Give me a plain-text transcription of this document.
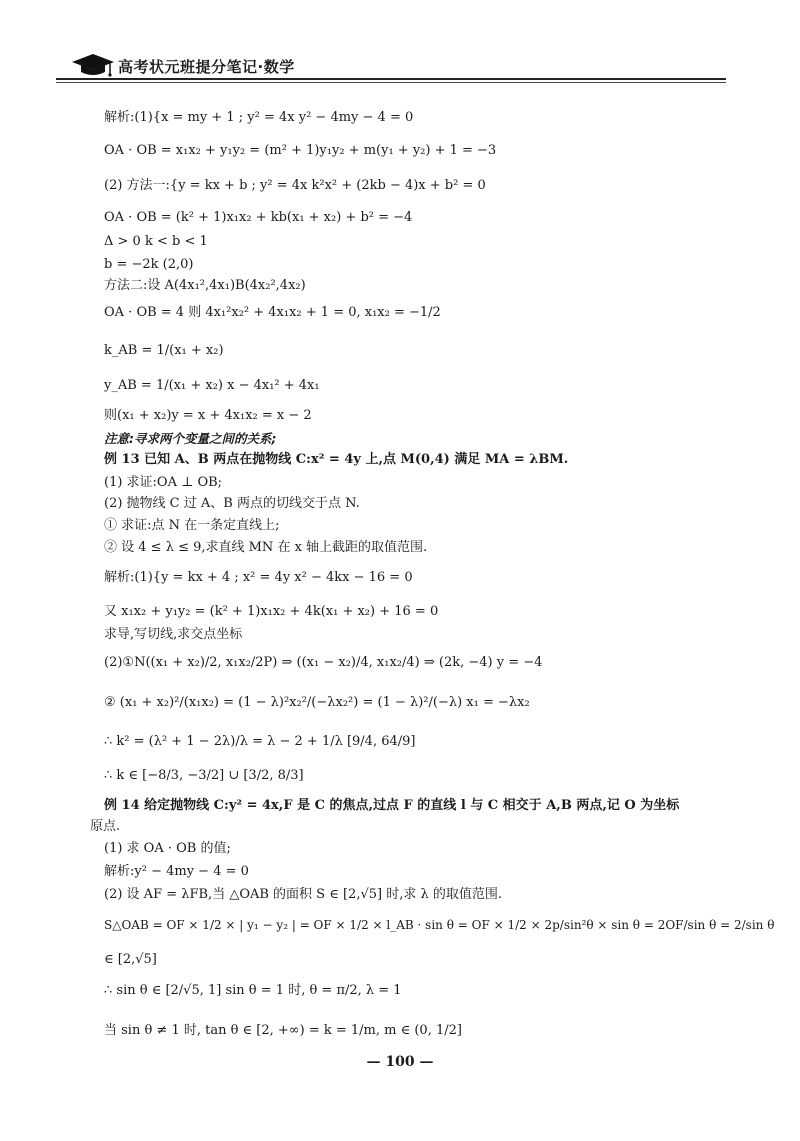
高考状元班提分笔记·数学
解析:(1){x = my + 1 ; y² = 4x y² − 4my − 4 = 0
OA · OB = x₁x₂ + y₁y₂ = (m² + 1)y₁y₂ + m(y₁ + y₂) + 1 = −3
(2) 方法一:{y = kx + b ; y² = 4x k²x² + (2kb − 4)x + b² = 0
OA · OB = (k² + 1)x₁x₂ + kb(x₁ + x₂) + b² = −4
Δ > 0 k < b < 1
b = −2k (2,0)
方法二:设 A(4x₁²,4x₁)B(4x₂²,4x₂)
OA · OB = 4 则 4x₁²x₂² + 4x₁x₂ + 1 = 0, x₁x₂ = −1/2
k_AB = 1/(x₁ + x₂)
y_AB = 1/(x₁ + x₂) x − 4x₁² + 4x₁
则(x₁ + x₂)y = x + 4x₁x₂ = x − 2
注意:寻求两个变量之间的关系;
例 13 已知 A、B 两点在抛物线 C:x² = 4y 上,点 M(0,4) 满足 MA = λBM.
(1) 求证:OA ⊥ OB;
(2) 抛物线 C 过 A、B 两点的切线交于点 N.
① 求证:点 N 在一条定直线上;
② 设 4 ≤ λ ≤ 9,求直线 MN 在 x 轴上截距的取值范围.
解析:(1){y = kx + 4 ; x² = 4y x² − 4kx − 16 = 0
又 x₁x₂ + y₁y₂ = (k² + 1)x₁x₂ + 4k(x₁ + x₂) + 16 = 0
求导,写切线,求交点坐标
(2)①N((x₁ + x₂)/2, x₁x₂/2P) ⇒ ((x₁ − x₂)/4, x₁x₂/4) ⇒ (2k, −4) y = −4
② (x₁ + x₂)²/(x₁x₂) = (1 − λ)²x₂²/(−λx₂²) = (1 − λ)²/(−λ) x₁ = −λx₂
∴ k² = (λ² + 1 − 2λ)/λ = λ − 2 + 1/λ [9/4, 64/9]
∴ k ∈ [−8/3, −3/2] ∪ [3/2, 8/3]
例 14 给定抛物线 C:y² = 4x,F 是 C 的焦点,过点 F 的直线 l 与 C 相交于 A,B 两点,记 O 为坐标
原点.
(1) 求 OA · OB 的值;
解析:y² − 4my − 4 = 0
(2) 设 AF = λFB,当 △OAB 的面积 S ∈ [2,√5] 时,求 λ 的取值范围.
S△OAB = OF × 1/2 × | y₁ − y₂ | = OF × 1/2 × l_AB · sin θ = OF × 1/2 × 2p/sin²θ × sin θ = 2OF/sin θ = 2/sin θ
∈ [2,√5]
∴ sin θ ∈ [2/√5, 1] sin θ = 1 时, θ = π/2, λ = 1
当 sin θ ≠ 1 时, tan θ ∈ [2, +∞) = k = 1/m, m ∈ (0, 1/2]
— 100 —
